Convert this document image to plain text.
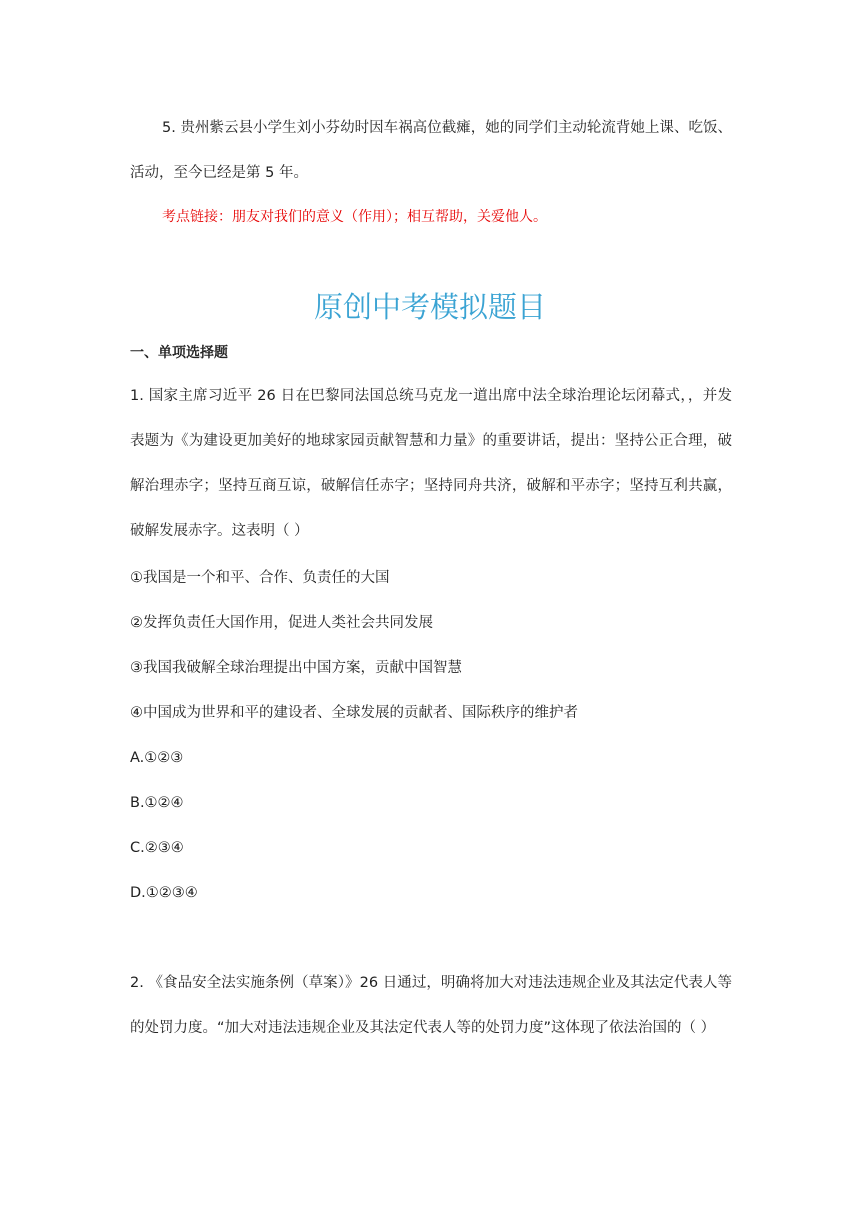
5. 贵州紫云县小学生刘小芬幼时因车祸高位截瘫，她的同学们主动轮流背她上课、吃饭、活动，至今已经是第 5 年。

考点链接：朋友对我们的意义（作用）；相互帮助，关爱他人。

原创中考模拟题目

一、单项选择题

1. 国家主席习近平 26 日在巴黎同法国总统马克龙一道出席中法全球治理论坛闭幕式，，并发表题为《为建设更加美好的地球家园贡献智慧和力量》的重要讲话，提出：坚持公正合理，破解治理赤字；坚持互商互谅，破解信任赤字；坚持同舟共济，破解和平赤字；坚持互利共赢，破解发展赤字。这表明（ ）

①我国是一个和平、合作、负责任的大国

②发挥负责任大国作用，促进人类社会共同发展

③我国我破解全球治理提出中国方案，贡献中国智慧

④中国成为世界和平的建设者、全球发展的贡献者、国际秩序的维护者

A.①②③

B.①②④

C.②③④

D.①②③④

2. 《食品安全法实施条例（草案）》26 日通过，明确将加大对违法违规企业及其法定代表人等的处罚力度。“加大对违法违规企业及其法定代表人等的处罚力度”这体现了依法治国的（ ）
